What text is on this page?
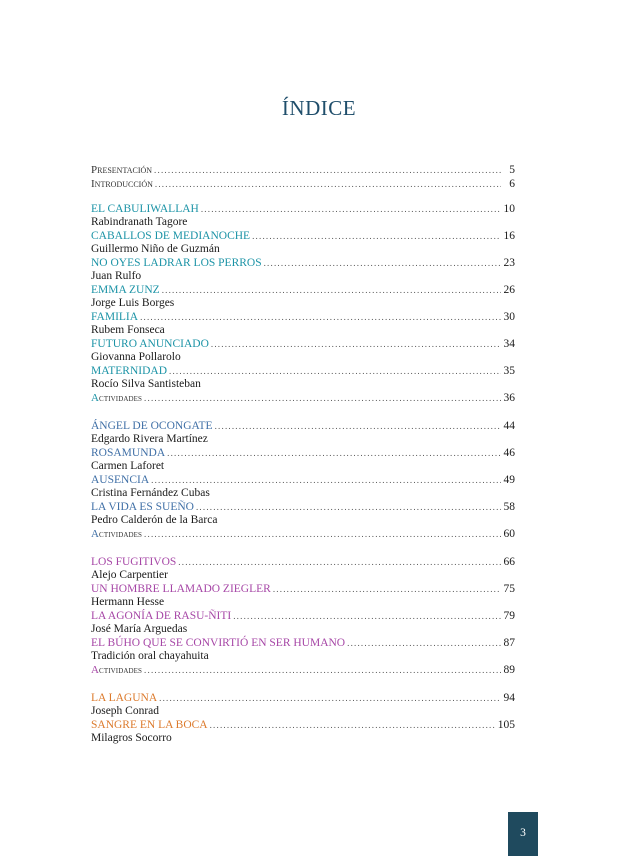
ÍNDICE
Presentación .....	5
Introducción .....	6
EL CABULIWALLAH .....	10
Rabindranath Tagore
CABALLOS DE MEDIANOCHE .....	16
Guillermo Niño de Guzmán
NO OYES LADRAR LOS PERROS .....	23
Juan Rulfo
EMMA ZUNZ .....	26
Jorge Luis Borges
FAMILIA .....	30
Rubem Fonseca
FUTURO ANUNCIADO .....	34
Giovanna Pollarolo
MATERNIDAD .....	35
Rocío Silva Santisteban
Actividades .....	36
ÁNGEL DE OCONGATE .....	44
Edgardo Rivera Martínez
ROSAMUNDA .....	46
Carmen Laforet
AUSENCIA .....	49
Cristina Fernández Cubas
LA VIDA ES SUEÑO .....	58
Pedro Calderón de la Barca
Actividades .....	60
LOS FUGITIVOS .....	66
Alejo Carpentier
UN HOMBRE LLAMADO ZIEGLER .....	75
Hermann Hesse
LA AGONÍA DE RASU-ÑITI .....	79
José María Arguedas
EL BÚHO QUE SE CONVIRTIÓ EN SER HUMANO .....	87
Tradición oral chayahuita
Actividades .....	89
LA LAGUNA .....	94
Joseph Conrad
SANGRE EN LA BOCA .....	105
Milagros Socorro
3
